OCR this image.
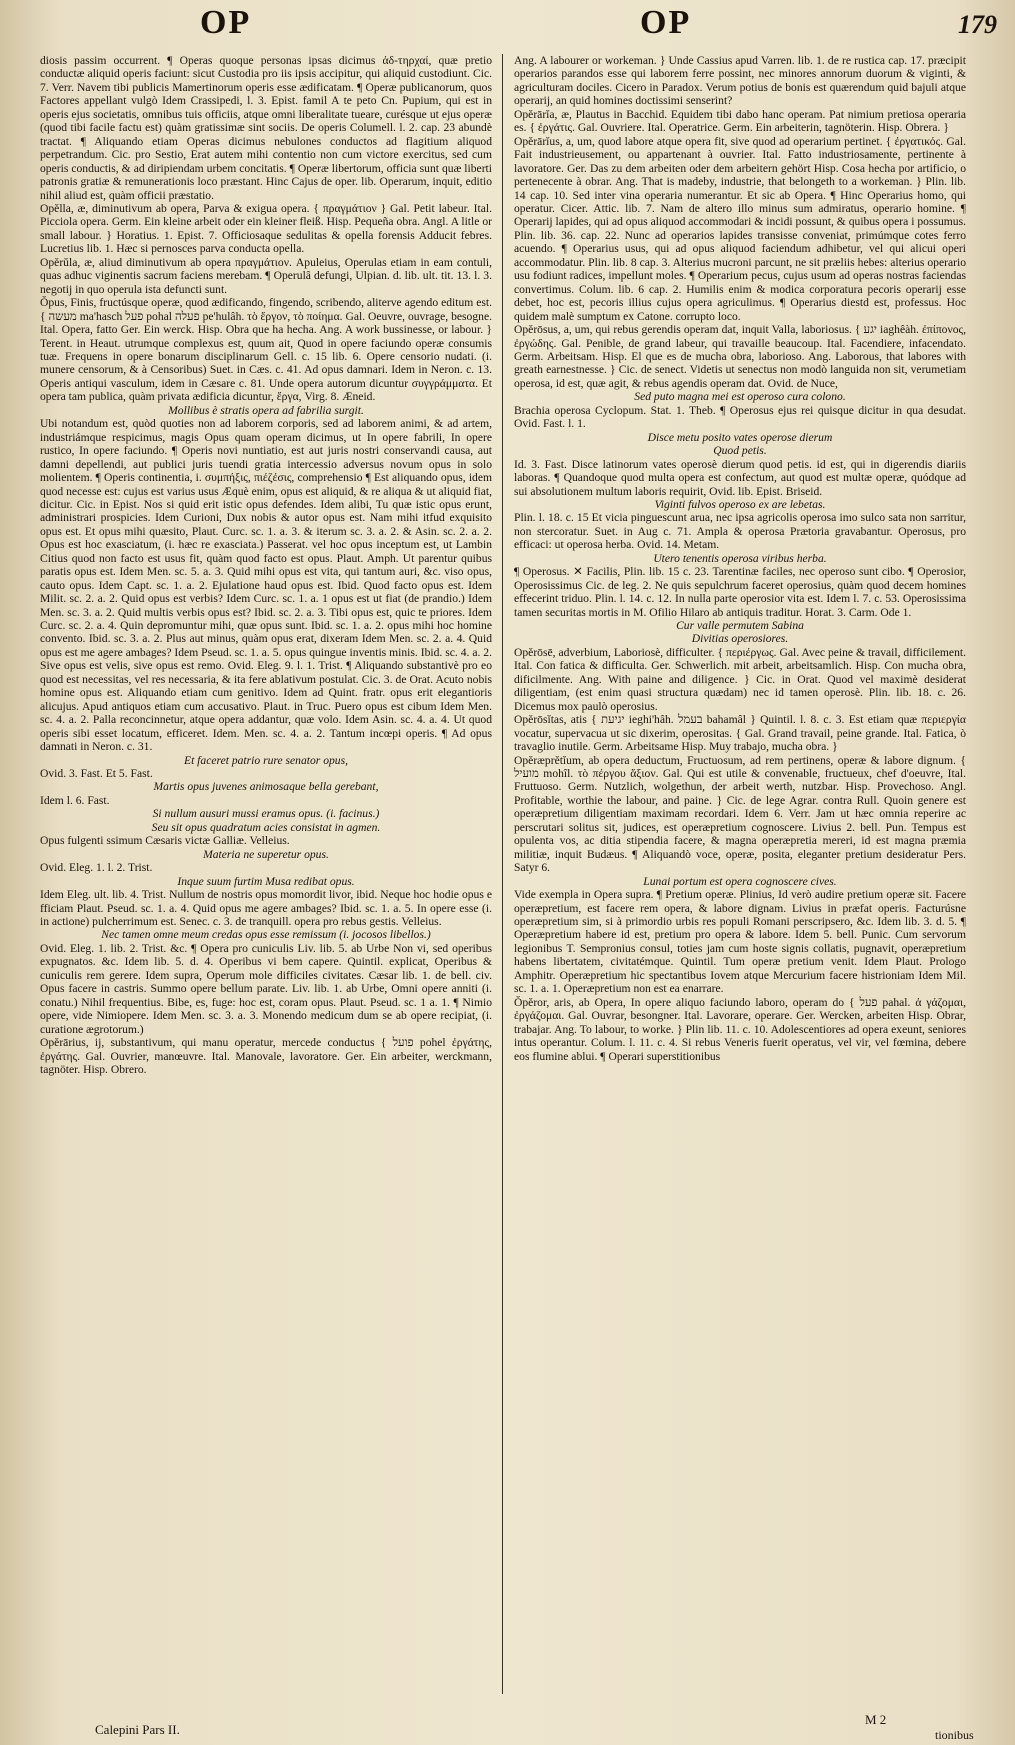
OP	OP	179

diosis passim occurrent. ¶ Operas quoque personas ipsas dicimus ἀδ-τηρχαί, quæ pretio conductæ aliquid operis faciunt: sicut Custodia pro iis ipsis accipitur, qui aliquid custodiunt. Cic. 7. Verr. Navem tibi publicis Mamertinorum operis esse ædificatam. ¶ Operæ publicanorum, quos Factores appellant vulgò Idem Crassipedi, l. 3. Epist. famil A te peto Cn. Pupium, qui est in operis ejus societatis, omnibus tuis officiis, atque omni liberalitate tueare, curésque ut ejus operæ (quod tibi facile factu est) quàm gratissimæ sint sociis. De operis Columell. l. 2. cap. 23 abundè tractat. ¶ Aliquando etiam Operas dicimus nebulones conductos ad flagitium aliquod perpetrandum. Cic. pro Sestio, Erat autem mihi contentio non cum victore exercitus, sed cum operis conductis, & ad diripiendam urbem concitatis. ¶ Operæ libertorum, officia sunt quæ liberti patronis gratiæ & remunerationis loco præstant. Hinc Cajus de oper. lib. Operarum, inquit, editio nihil aliud est, quàm officii præstatio.

Opĕlla, æ, diminutivum ab opera, Parva & exigua opera. { πραγμάτιον } Gal. Petit labeur. Ital. Picciola opera. Germ. Ein kleine arbeit oder ein kleiner fleiß. Hisp. Pequeña obra. Angl. A litle or small labour. } Horatius. 1. Epist. 7. Officiosaque sedulitas & opella forensis Adducit febres. Lucretius lib. 1. Hæc si pernosces parva conducta opella.

Opĕrŭla, æ, aliud diminutivum ab opera πραγμάτιον. Apuleius, Operulas etiam in eam contuli, quas adhuc viginentis sacrum faciens merebam. ¶ Operulâ defungi, Ulpian. d. lib. ult. tit. 13. l. 3. negotij in quo operula ista defuncti sunt.

Ŏpus, Finis, fructúsque operæ, quod ædificando, fingendo, scribendo, aliterve agendo editum est. { מעשה ma'hasch פעל pohal פעלה pe'hulâh. τὸ ἔργον, τὸ ποίημα. Gal. Oeuvre, ouvrage, besogne. Ital. Opera, fatto Ger. Ein werck. Hisp. Obra que ha hecha. Ang. A work bussinesse, or labour. } Terent. in Heaut. utrumque complexus est, quum ait, Quod in opere faciundo operæ consumis tuæ. Frequens in opere bonarum disciplinarum Gell. c. 15 lib. 6. Opere censorio nudati. (i. munere censorum, & à Censoribus) Suet. in Cæs. c. 41. Ad opus damnari. Idem in Neron. c. 13. Operis antiqui vasculum, idem in Cæsare c. 81. Unde opera autorum dicuntur συγγράμματα. Et opera tam publica, quàm privata ædificia dicuntur, ἔργα, Virg. 8. Æneid.

Mollibus è stratis opera ad fabrilia surgit.

Ubi notandum est, quòd quoties non ad laborem corporis, sed ad laborem animi, & ad artem, industriámque respicimus, magis Opus quam operam dicimus, ut In opere fabrili, In opere rustico, In opere faciundo. ¶ Operis novi nuntiatio, est aut juris nostri conservandi causa, aut damni depellendi, aut publici juris tuendi gratia intercessio adversus novum opus in solo molientem. ¶ Operis continentia, i. συμπήξις, πιέζέσις, comprehensio ¶ Est aliquando opus, idem quod necesse est: cujus est varius usus Æquè enim, opus est aliquid, & re aliqua & ut aliquid fiat, dicitur. Cic. in Epist. Nos si quid erit istic opus defendes. Idem alibi, Tu quæ istic opus erunt, administrari prospicies. Idem Curioni, Dux nobis & autor opus est. Nam mihi itfud exquisito opus est. Et opus mihi quæsito, Plaut. Curc. sc. 1. a. 3. & iterum sc. 3. a. 2. & Asin. sc. 2. a. 2. Opus est hoc exasciatum, (i. hæc re exasciata.) Passerat. vel hoc opus inceptum est, ut Lambin Citius quod non facto est usus fit, quàm quod facto est opus. Plaut. Amph. Ut parentur quibus paratis opus est. Idem Men. sc. 5. a. 3. Quid mihi opus est vita, qui tantum auri, &c. viso opus, cauto opus. Idem Capt. sc. 1. a. 2. Ejulatione haud opus est. Ibid. Quod facto opus est. Idem Milit. sc. 2. a. 2. Quid opus est verbis? Idem Curc. sc. 1. a. 1 opus est ut fiat (de prandio.) Idem Men. sc. 3. a. 2. Quid multis verbis opus est? Ibid. sc. 2. a. 3. Tibi opus est, quic te priores. Idem Curc. sc. 2. a. 4. Quin depromuntur mihi, quæ opus sunt. Ibid. sc. 1. a. 2. opus mihi hoc homine convento. Ibid. sc. 3. a. 2. Plus aut minus, quàm opus erat, dixeram Idem Men. sc. 2. a. 4. Quid opus est me agere ambages? Idem Pseud. sc. 1. a. 5. opus quingue inventis minis. Ibid. sc. 4. a. 2. Sive opus est velis, sive opus est remo. Ovid. Eleg. 9. l. 1. Trist. ¶ Aliquando substantivè pro eo quod est necessitas, vel res necessaria, & ita fere ablativum postulat. Cic. 3. de Orat. Acuto nobis homine opus est. Aliquando etiam cum genitivo. Idem ad Quint. fratr. opus erit elegantioris alicujus. Apud antiquos etiam cum accusativo. Plaut. in Truc. Puero opus est cibum Idem Men. sc. 4. a. 2. Palla reconcinnetur, atque opera addantur, quæ volo. Idem Asin. sc. 4. a. 4. Ut quod operis sibi esset locatum, efficeret. Idem. Men. sc. 4. a. 2. Tantum incœpi operis. ¶ Ad opus damnati in Neron. c. 31.

Et faceret patrio rure senator opus,

Ovid. 3. Fast. Et 5. Fast.

Martis opus juvenes animosaque bella gerebant,

Idem l. 6. Fast.

Si nullum ausuri mussi eramus opus. (i. facinus.)

Seu sit opus quadratum acies consistat in agmen.

Opus fulgenti ssimum Cæsaris victæ Galliæ. Velleius.

Materia ne superetur opus.

Ovid. Eleg. 1. l. 2. Trist.

Inque suum furtim Musa redibat opus.

Idem Eleg. ult. lib. 4. Trist. Nullum de nostris opus momordit livor, ibid. Neque hoc hodie opus e fficiam Plaut. Pseud. sc. 1. a. 4. Quid opus me agere ambages? Ibid. sc. 1. a. 5. In opere esse (i. in actione) pulcherrimum est. Senec. c. 3. de tranquill. opera pro rebus gestis. Velleius.

Nec tamen omne meum credas opus esse remissum (i. jocosos libellos.)

Ovid. Eleg. 1. lib. 2. Trist. &c. ¶ Opera pro cuniculis Liv. lib. 5. ab Urbe Non vi, sed operibus expugnatos. &c. Idem lib. 5. d. 4. Operibus vi bem capere. Quintil. explicat, Operibus & cuniculis rem gerere. Idem supra, Operum mole difficiles civitates. Cæsar lib. 1. de bell. civ. Opus facere in castris. Summo opere bellum parate. Liv. lib. 1. ab Urbe, Omni opere anniti (i. conatu.) Nihil frequentius. Bibe, es, fuge: hoc est, coram opus. Plaut. Pseud. sc. 1 a. 1. ¶ Nimio opere, vide Nimiopere. Idem Men. sc. 3. a. 3. Monendo medicum dum se ab opere recipiat, (i. curatione ægrotorum.)

Opĕrārius, ij, substantivum, qui manu operatur, mercede conductus { פועל pohel ἐργάτης, ἐργάτης. Gal. Ouvrier, manœuvre. Ital. Manovale, lavoratore. Ger. Ein arbeiter, werckmann, tagnöter. Hisp. Obrero.

Ang. A labourer or workeman. } Unde Cassius apud Varren. lib. 1. de re rustica cap. 17. præcipit operarios parandos esse qui laborem ferre possint, nec minores annorum duorum & viginti, & agriculturam dociles. Cicero in Paradox. Verum potius de bonis est quærendum quid bajuli atque operarij, an quid homines doctissimi senserint?

Opĕrārĭa, æ, Plautus in Bacchid. Equidem tibi dabo hanc operam. Pat nimium pretiosa operaria es. { ἐργάτις. Gal. Ouvriere. Ital. Operatrice. Germ. Ein arbeiterin, tagnöterin. Hisp. Obrera. }

Opĕrārĭus, a, um, quod labore atque opera fit, sive quod ad operarium pertinet. { ἐργατικός. Gal. Fait industrieusement, ou appartenant à ouvrier. Ital. Fatto industriosamente, pertinente à lavoratore. Ger. Das zu dem arbeiten oder dem arbeitern gehört Hisp. Cosa hecha por artificio, o pertenecente à obrar. Ang. That is madeby, industrie, that belongeth to a workeman. } Plin. lib. 14 cap. 10. Sed inter vina operaria numerantur. Et sic ab Opera. ¶ Hinc Operarius homo, qui operatur. Cicer. Attic. lib. 7. Nam de altero illo minus sum admiratus, operario homine. ¶ Operarij lapides, qui ad opus aliquod accommodari & incidi possunt, & quibus opera i possumus. Plin. lib. 36. cap. 22. Nunc ad operarios lapides transisse conveniat, primúmque cotes ferro acuendo. ¶ Operarius usus, qui ad opus aliquod faciendum adhibetur, vel qui alicui operi accommodatur. Plin. lib. 8 cap. 3. Alterius mucroni parcunt, ne sit præliis hebes: alterius operario usu fodiunt radices, impellunt moles. ¶ Operarium pecus, cujus usum ad operas nostras faciendas convertimus. Colum. lib. 6 cap. 2. Humilis enim & modica corporatura pecoris operarij esse debet, hoc est, pecoris illius cujus opera agriculimus. ¶ Operarius diestd est, professus. Hoc quidem malè sumptum ex Catone. corrupto loco.

Opĕrōsus, a, um, qui rebus gerendis operam dat, inquit Valla, laboriosus. { יגע iaghêàh. ἐπίπονος, ἐργώδης. Gal. Penible, de grand labeur, qui travaille beaucoup. Ital. Facendiere, infacendato. Germ. Arbeitsam. Hisp. El que es de mucha obra, laborioso. Ang. Laborous, that labores with greath earnestnesse. } Cic. de senect. Videtis ut senectus non modò languida non sit, verumetiam operosa, id est, quæ agit, & rebus agendis operam dat. Ovid. de Nuce,

Sed puto magna mei est operoso cura colono.

Brachia operosa Cyclopum. Stat. 1. Theb. ¶ Operosus ejus rei quisque dicitur in qua desudat. Ovid. Fast. l. 1.

Disce metu posito vates operose dierum

Quod petis.

Id. 3. Fast. Disce latinorum vates operosè dierum quod petis. id est, qui in digerendis diariis laboras. ¶ Quandoque quod multa opera est confectum, aut quod est multæ operæ, quódque ad sui absolutionem multum laboris requirit, Ovid. lib. Epist. Briseid.

Viginti fulvos operoso ex are lebetas.

Plin. l. 18. c. 15 Et vicia pinguescunt arua, nec ipsa agricolis operosa imo sulco sata non sarritur, non stercoratur. Suet. in Aug c. 71. Ampla & operosa Prætoria gravabantur. Operosus, pro efficaci: ut operosa herba. Ovid. 14. Metam.

Utero tenentis operosa viribus herba.

¶ Operosus. ✕ Facilis, Plin. lib. 15 c. 23. Tarentinæ faciles, nec operoso sunt cibo. ¶ Operosior, Operosissimus Cic. de leg. 2. Ne quis sepulchrum faceret operosius, quàm quod decem homines effecerint triduo. Plin. l. 14. c. 12. In nulla parte operosior vita est. Idem l. 7. c. 53. Operosissima tamen securitas mortis in M. Ofilio Hilaro ab antiquis traditur. Horat. 3. Carm. Ode 1.

Cur valle permutem Sabina

Divitias operosiores.

Opĕrōsē, adverbium, Laboriosè, difficulter. { περιέργως. Gal. Avec peine & travail, difficilement. Ital. Con fatica & difficulta. Ger. Schwerlich. mit arbeit, arbeitsamlich. Hisp. Con mucha obra, dificilmente. Ang. With paine and diligence. } Cic. in Orat. Quod vel maximè desiderat diligentiam, (est enim quasi structura quædam) nec id tamen operosè. Plin. lib. 18. c. 26. Dicemus mox paulò operosius.

Opĕrōsĭtas, atis { יגיעת ieghi'hâh. בעמל bahamâl } Quintil. l. 8. c. 3. Est etiam quæ περιεργία vocatur, supervacua ut sic dixerim, operositas. { Gal. Grand travail, peine grande. Ital. Fatica, ò travaglio inutile. Germ. Arbeitsame Hisp. Muy trabajo, mucha obra. }

Opĕræprĕtĭum, ab opera deductum, Fructuosum, ad rem pertinens, operæ & labore dignum. { מועיל mohîl. τὸ πέργου ἄξιον. Gal. Qui est utile & convenable, fructueux, chef d'oeuvre, Ital. Fruttuoso. Germ. Nutzlich, wolgethun, der arbeit werth, nutzbar. Hisp. Provechoso. Angl. Profitable, worthie the labour, and paine. } Cic. de lege Agrar. contra Rull. Quoin genere est operæpretium diligentiam maximam recordari. Idem 6. Verr. Jam ut hæc omnia reperire ac perscrutari solitus sit, judices, est operæpretium cognoscere. Livius 2. bell. Pun. Tempus est opulenta vos, ac ditia stipendia facere, & magna operæpretia mereri, id est magna præmia militiæ, inquit Budæus. ¶ Aliquandò voce, operæ, posita, eleganter pretium desideratur Pers. Satyr 6.

Lunai portum est opera cognoscere cives.

Vide exempla in Opera supra. ¶ Pretium operæ. Plinius, Id verò audire pretium operæ sit. Facere operæpretium, est facere rem opera, & labore dignam. Livius in præfat operis. Facturúsne operæpretium sim, si à primordio urbis res populi Romani perscripsero, &c. Idem lib. 3. d. 5. ¶ Operæpretium habere id est, pretium pro opera & labore. Idem 5. bell. Punic. Cum servorum legionibus T. Sempronius consul, toties jam cum hoste signis collatis, pugnavit, operæpretium habens libertatem, civitatémque. Quintil. Tum operæ pretium venit. Idem Plaut. Prologo Amphitr. Operæpretium hic spectantibus Iovem atque Mercurium facere histrioniam Idem Mil. sc. 1. a. 1. Operæpretium non est ea enarrare.

Ŏpĕror, aris, ab Opera, In opere aliquo faciundo laboro, operam do { פעל pahal. ἀ γάζομαι, ἐργάζομαι. Gal. Ouvrar, besongner. Ital. Lavorare, operare. Ger. Wercken, arbeiten Hisp. Obrar, trabajar. Ang. To labour, to worke. } Plin lib. 11. c. 10. Adolescentiores ad opera exeunt, seniores intus operantur. Colum. l. 11. c. 4. Si rebus Veneris fuerit operatus, vel vir, vel fœmina, debere eos flumine ablui. ¶ Operari superstitionibus

Calepini Pars II.
M 2
tionibus
